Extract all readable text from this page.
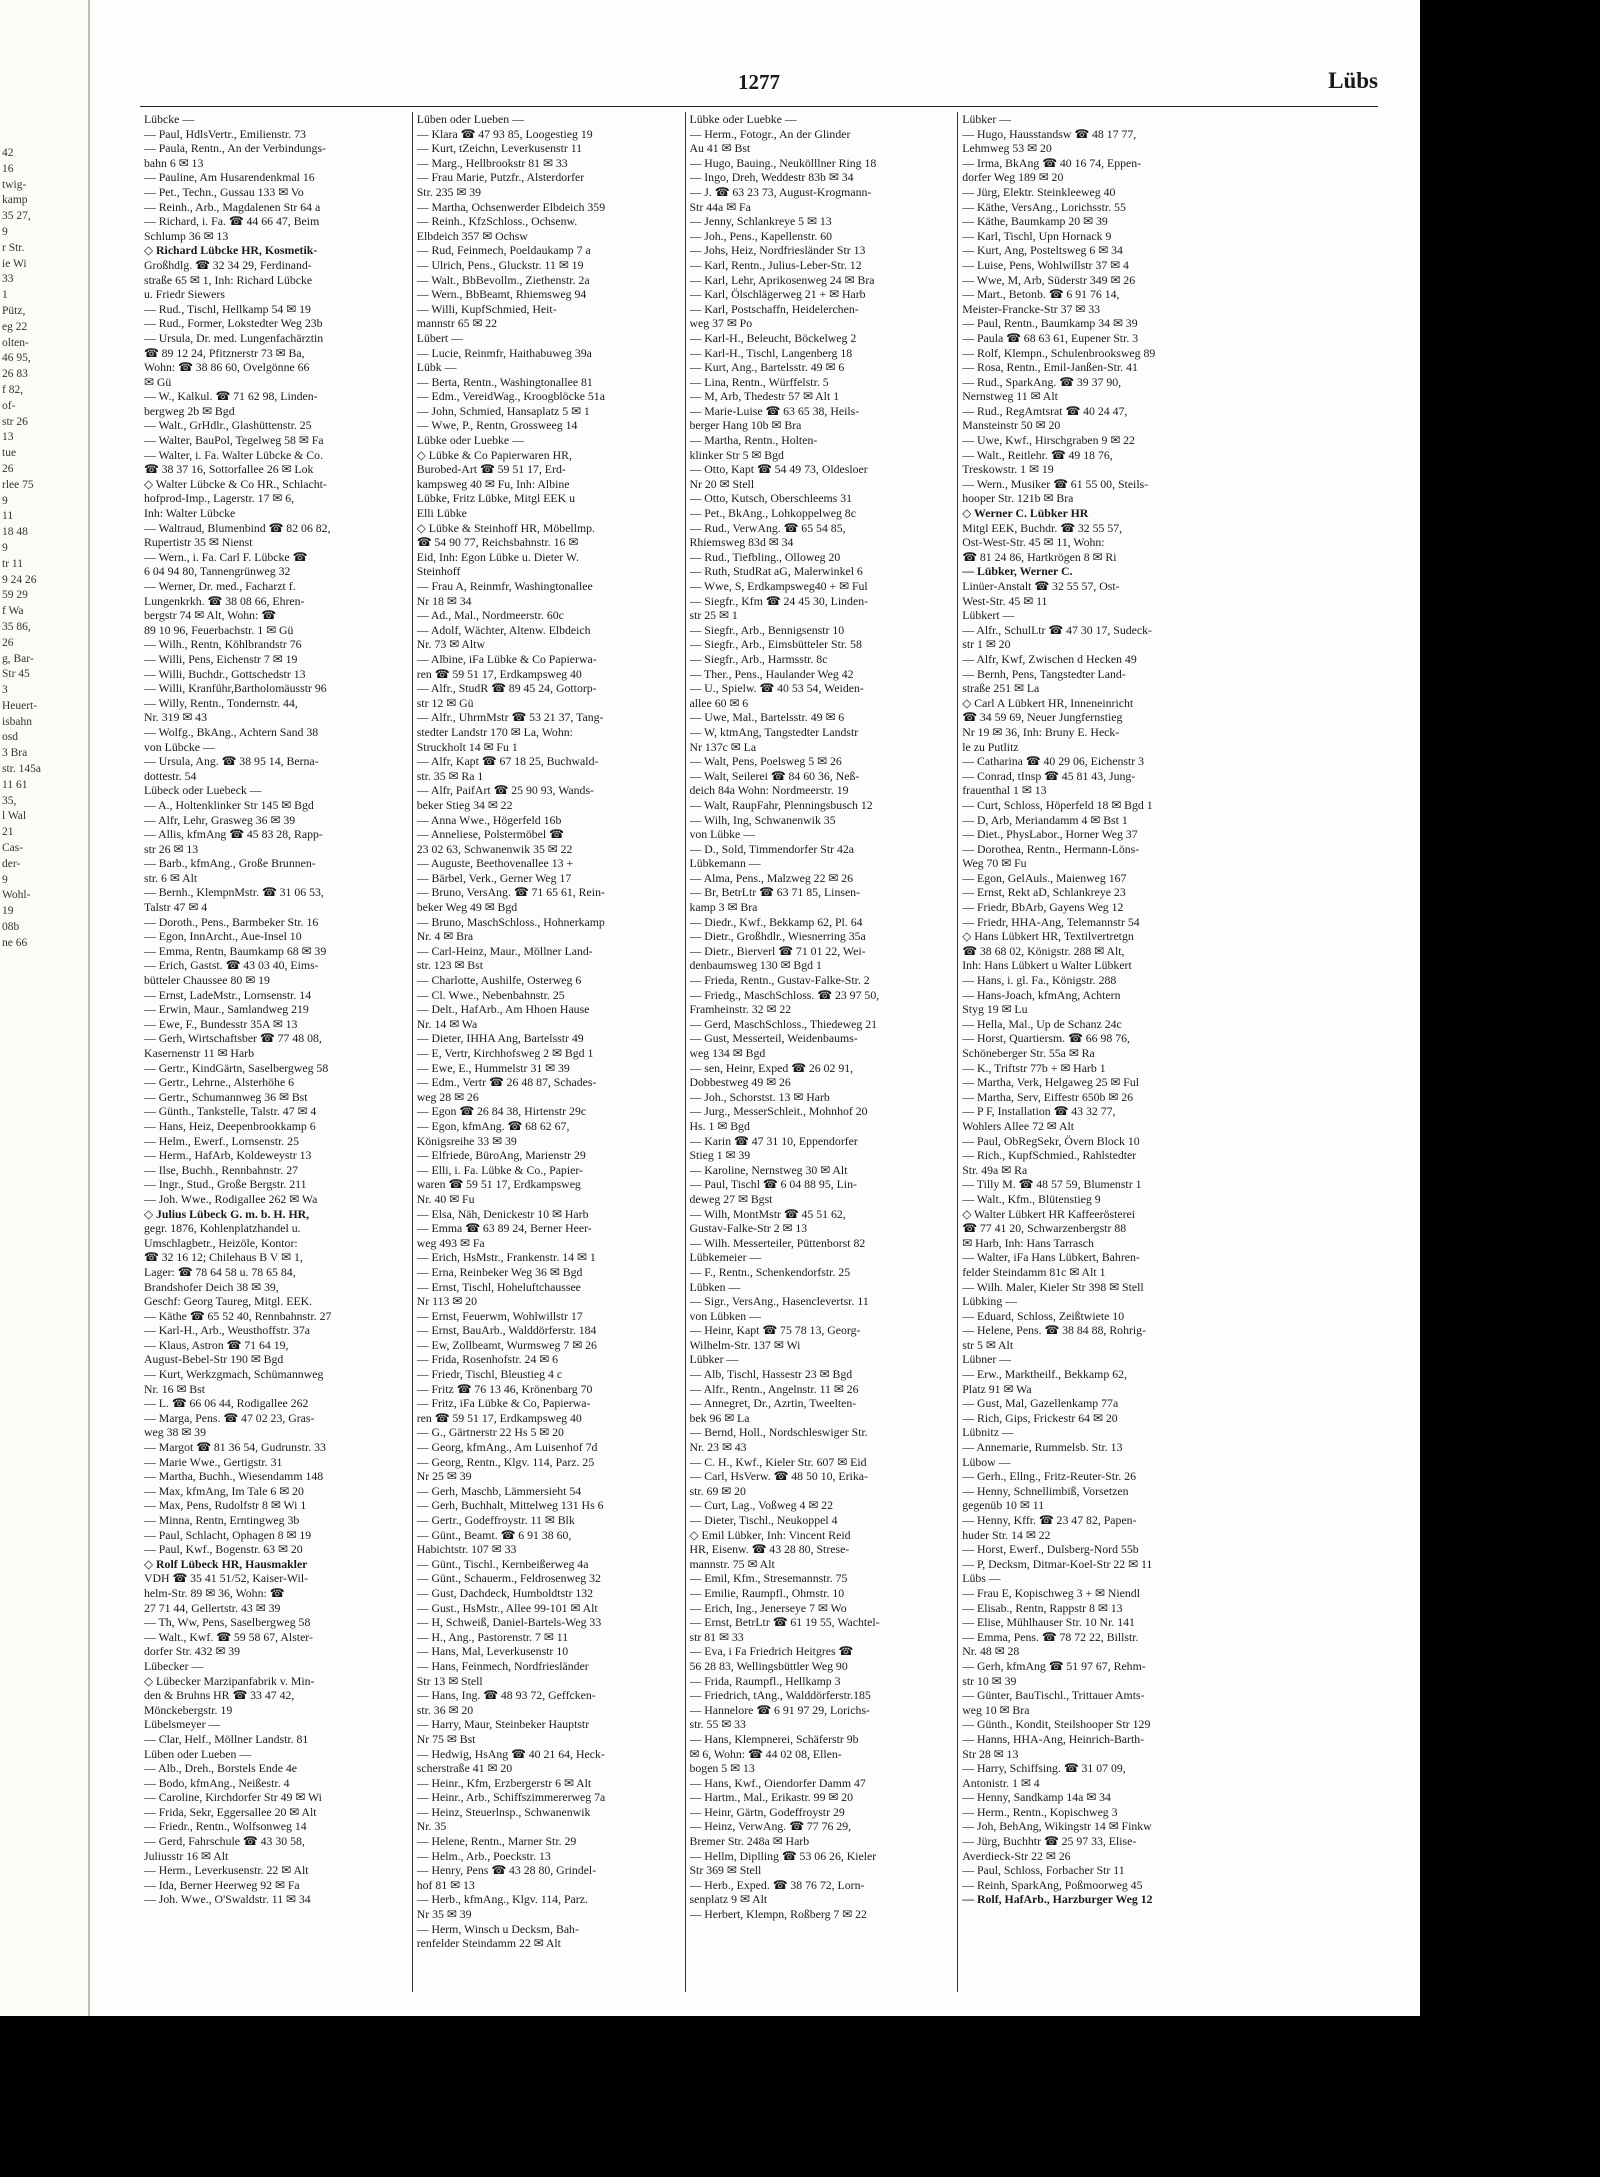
42
16
twig-
kamp
35 27,
9
r Str.
ie Wi
33
1
Pütz,
eg 22
olten-
46 95,
26 83
f 82,
of-
str 26
13
tue
26
rlee 75
9
11
18 48
9
tr 11
9 24 26
59 29
f Wa
35 86,
26
g, Bar-
Str 45
3
Heuert-
isbahn
osd
3 Bra
str. 145a
11 61
35,
l Wal
21
Cas-
der-
9
Wohl-
19
08b
ne 66
1277	Lübs
Lübcke —
— Paul, HdlsVertr., Emilienstr. 73
— Paula, Rentn., An der Verbindungs-
bahn 6 ✉ 13
— Pauline, Am Husarendenkmal 16
— Pet., Techn., Gussau 133 ✉ Vo
— Reinh., Arb., Magdalenen Str 64 a
— Richard, i. Fa. ☎ 44 66 47, Beim
Schlump 36 ✉ 13
◇ Richard Lübcke HR, Kosmetik-
Großhdlg. ☎ 32 34 29, Ferdinand-
straße 65 ✉ 1, Inh: Richard Lübcke
u. Friedr Siewers
— Rud., Tischl, Hellkamp 54 ✉ 19
— Rud., Former, Lokstedter Weg 23b
— Ursula, Dr. med. Lungenfachärztin
☎ 89 12 24, Pfitznerstr 73 ✉ Ba,
Wohn: ☎ 38 86 60, Ovelgönne 66
✉ Gü
— W., Kalkul. ☎ 71 62 98, Linden-
bergweg 2b ✉ Bgd
— Walt., GrHdlr., Glashüttenstr. 25
— Walter, BauPol, Tegelweg 58 ✉ Fa
— Walter, i. Fa. Walter Lübcke & Co.
☎ 38 37 16, Sottorfallee 26 ✉ Lok
◇ Walter Lübcke & Co HR., Schlacht-
hofprod-Imp., Lagerstr. 17 ✉ 6,
Inh: Walter Lübcke
— Waltraud, Blumenbind ☎ 82 06 82,
Rupertistr 35 ✉ Nienst
— Wern., i. Fa. Carl F. Lübcke ☎
6 04 94 80, Tannengrünweg 32
— Werner, Dr. med., Facharzt f.
Lungenkrkh. ☎ 38 08 66, Ehren-
bergstr 74 ✉ Alt, Wohn: ☎
89 10 96, Feuerbachstr. 1 ✉ Gü
— Wilh., Rentn, Köhlbrandstr 76
— Willi, Pens, Eichenstr 7 ✉ 19
— Willi, Buchdr., Gottschedstr 13
— Willi, Kranführ,Bartholomäusstr 96
— Willy, Rentn., Tondernstr. 44,
Nr. 319 ✉ 43
— Wolfg., BkAng., Achtern Sand 38
von Lübcke —
— Ursula, Ang. ☎ 38 95 14, Berna-
dottestr. 54
Lübeck oder Luebeck —
— A., Holtenklinker Str 145 ✉ Bgd
— Alfr, Lehr, Grasweg 36 ✉ 39
— Allis, kfmAng ☎ 45 83 28, Rapp-
str 26 ✉ 13
— Barb., kfmAng., Große Brunnen-
str. 6 ✉ Alt
— Bernh., KlempnMstr. ☎ 31 06 53,
Talstr 47 ✉ 4
— Doroth., Pens., Barmbeker Str. 16
— Egon, InnArcht., Aue-Insel 10
— Emma, Rentn, Baumkamp 68 ✉ 39
— Erich, Gastst. ☎ 43 03 40, Eims-
bütteler Chaussee 80 ✉ 19
— Ernst, LadeMstr., Lornsenstr. 14
— Erwin, Maur., Samlandweg 219
— Ewe, F., Bundesstr 35A ✉ 13
— Gerh, Wirtschaftsber ☎ 77 48 08,
Kasernenstr 11 ✉ Harb
— Gertr., KindGärtn, Saselbergweg 58
— Gertr., Lehrne., Alsterhöhe 6
— Gertr., Schumannweg 36 ✉ Bst
— Günth., Tankstelle, Talstr. 47 ✉ 4
— Hans, Heiz, Deepenbrookkamp 6
— Helm., Ewerf., Lornsenstr. 25
— Herm., HafArb, Koldeweystr 13
— Ilse, Buchh., Rennbahnstr. 27
— Ingr., Stud., Große Bergstr. 211
— Joh. Wwe., Rodigallee 262 ✉ Wa
◇ Julius Lübeck G. m. b. H. HR,
gegr. 1876, Kohlenplatzhandel u.
Umschlagbetr., Heizöle, Kontor:
☎ 32 16 12; Chilehaus B V ✉ 1,
Lager: ☎ 78 64 58 u. 78 65 84,
Brandshofer Deich 38 ✉ 39,
Geschf: Georg Taureg, Mitgl. EEK.
— Käthe ☎ 65 52 40, Rennbahnstr. 27
— Karl-H., Arb., Weusthoffstr. 37a
— Klaus, Astron ☎ 71 64 19,
August-Bebel-Str 190 ✉ Bgd
— Kurt, Werkzgmach, Schümannweg
Nr. 16 ✉ Bst
— L. ☎ 66 06 44, Rodigallee 262
— Marga, Pens. ☎ 47 02 23, Gras-
weg 38 ✉ 39
— Margot ☎ 81 36 54, Gudrunstr. 33
— Marie Wwe., Gertigstr. 31
— Martha, Buchh., Wiesendamm 148
— Max, kfmAng, Im Tale 6 ✉ 20
— Max, Pens, Rudolfstr 8 ✉ Wi 1
— Minna, Rentn, Erntingweg 3b
— Paul, Schlacht, Ophagen 8 ✉ 19
— Paul, Kwf., Bogenstr. 63 ✉ 20
◇ Rolf Lübeck HR, Hausmakler
VDH ☎ 35 41 51/52, Kaiser-Wil-
helm-Str. 89 ✉ 36, Wohn: ☎
27 71 44, Gellertstr. 43 ✉ 39
— Th, Ww, Pens, Saselbergweg 58
— Walt., Kwf. ☎ 59 58 67, Alster-
dorfer Str. 432 ✉ 39
Lübecker —
◇ Lübecker Marzipanfabrik v. Min-
den & Bruhns HR ☎ 33 47 42,
Mönckebergstr. 19
Lübelsmeyer —
— Clar, Helf., Möllner Landstr. 81
Lüben oder Lueben —
— Alb., Dreh., Borstels Ende 4e
— Bodo, kfmAng., Neißestr. 4
— Caroline, Kirchdorfer Str 49 ✉ Wi
— Frida, Sekr, Eggersallee 20 ✉ Alt
— Friedr., Rentn., Wolfsonweg 14
— Gerd, Fahrschule ☎ 43 30 58,
Juliusstr 16 ✉ Alt
— Herm., Leverkusenstr. 22 ✉ Alt
— Ida, Berner Heerweg 92 ✉ Fa
— Joh. Wwe., O'Swaldstr. 11 ✉ 34
Lüben oder Lueben —
— Klara ☎ 47 93 85, Loogestieg 19
— Kurt, tZeichn, Leverkusenstr 11
— Marg., Hellbrookstr 81 ✉ 33
— Frau Marie, Putzfr., Alsterdorfer
Str. 235 ✉ 39
— Martha, Ochsenwerder Elbdeich 359
— Reinh., KfzSchloss., Ochsenw.
Elbdeich 357 ✉ Ochsw
— Rud, Feinmech, Poeldaukamp 7 a
— Ulrich, Pens., Gluckstr. 11 ✉ 19
— Walt., BbBevollm., Ziethenstr. 2a
— Wern., BbBeamt, Rhiemsweg 94
— Willi, KupfSchmied, Heit-
mannstr 65 ✉ 22
Lübert —
— Lucie, Reinmfr, Haithabuweg 39a
Lübk —
— Berta, Rentn., Washingtonallee 81
— Edm., VereidWag., Kroogblöcke 51a
— John, Schmied, Hansaplatz 5 ✉ 1
— Wwe, P., Rentn, Grossweeg 14
Lübke oder Luebke —
◇ Lübke & Co Papierwaren HR,
Burobed-Art ☎ 59 51 17, Erd-
kampsweg 40 ✉ Fu, Inh: Albine
Lübke, Fritz Lübke, Mitgl EEK u
Elli Lübke
◇ Lübke & Steinhoff HR, Möbellmp.
☎ 54 90 77, Reichsbahnstr. 16 ✉
Eid, Inh: Egon Lübke u. Dieter W.
Steinhoff
— Frau A, Reinmfr, Washingtonallee
Nr 18 ✉ 34
— Ad., Mal., Nordmeerstr. 60c
— Adolf, Wächter, Altenw. Elbdeich
Nr. 73 ✉ Altw
— Albine, iFa Lübke & Co Papierwa-
ren ☎ 59 51 17, Erdkampsweg 40
— Alfr., StudR ☎ 89 45 24, Gottorp-
str 12 ✉ Gü
— Alfr., UhrmMstr ☎ 53 21 37, Tang-
stedter Landstr 170 ✉ La, Wohn:
Struckholt 14 ✉ Fu 1
— Alfr, Kapt ☎ 67 18 25, Buchwald-
str. 35 ✉ Ra 1
— Alfr, PaifArt ☎ 25 90 93, Wands-
beker Stieg 34 ✉ 22
— Anna Wwe., Högerfeld 16b
— Anneliese, Polstermöbel ☎
23 02 63, Schwanenwik 35 ✉ 22
— Auguste, Beethovenallee 13 +
— Bärbel, Verk., Gerner Weg 17
— Bruno, VersAng. ☎ 71 65 61, Rein-
beker Weg 49 ✉ Bgd
— Bruno, MaschSchloss., Hohnerkamp
Nr. 4 ✉ Bra
— Carl-Heinz, Maur., Möllner Land-
str. 123 ✉ Bst
— Charlotte, Aushilfe, Osterweg 6
— Cl. Wwe., Nebenbahnstr. 25
— Delt., HafArb., Am Hhoen Hause
Nr. 14 ✉ Wa
— Dieter, IHHA Ang, Bartelsstr 49
— E, Vertr, Kirchhofsweg 2 ✉ Bgd 1
— Ewe, E., Hummelstr 31 ✉ 39
— Edm., Vertr ☎ 26 48 87, Schades-
weg 28 ✉ 26
— Egon ☎ 26 84 38, Hirtenstr 29c
— Egon, kfmAng. ☎ 68 62 67,
Königsreihe 33 ✉ 39
— Elfriede, BüroAng, Marienstr 29
— Elli, i. Fa. Lübke & Co., Papier-
waren ☎ 59 51 17, Erdkampsweg
Nr. 40 ✉ Fu
— Elsa, Näh, Denickestr 10 ✉ Harb
— Emma ☎ 63 89 24, Berner Heer-
weg 493 ✉ Fa
— Erich, HsMstr., Frankenstr. 14 ✉ 1
— Erna, Reinbeker Weg 36 ✉ Bgd
— Ernst, Tischl, Hoheluftchaussee
Nr 113 ✉ 20
— Ernst, Feuerwm, Wohlwillstr 17
— Ernst, BauArb., Walddörferstr. 184
— Ew, Zollbeamt, Wurmsweg 7 ✉ 26
— Frida, Rosenhofstr. 24 ✉ 6
— Friedr, Tischl, Bleustieg 4 c
— Fritz ☎ 76 13 46, Krönenbarg 70
— Fritz, iFa Lübke & Co, Papierwa-
ren ☎ 59 51 17, Erdkampsweg 40
— G., Gärtnerstr 22 Hs 5 ✉ 20
— Georg, kfmAng., Am Luisenhof 7d
— Georg, Rentn., Klgv. 114, Parz. 25
Nr 25 ✉ 39
— Gerh, Maschb, Lämmersieht 54
— Gerh, Buchhalt, Mittelweg 131 Hs 6
— Gertr., Godeffroystr. 11 ✉ Blk
— Günt., Beamt. ☎ 6 91 38 60,
Habichtstr. 107 ✉ 33
— Günt., Tischl., Kernbeißerweg 4a
— Günt., Schauerm., Feldrosenweg 32
— Gust, Dachdeck, Humboldtstr 132
— Gust., HsMstr., Allee 99-101 ✉ Alt
— H, Schweiß, Daniel-Bartels-Weg 33
— H., Ang., Pastorenstr. 7 ✉ 11
— Hans, Mal, Leverkusenstr 10
— Hans, Feinmech, Nordfriesländer
Str 13 ✉ Stell
— Hans, Ing. ☎ 48 93 72, Geffcken-
str. 36 ✉ 20
— Harry, Maur, Steinbeker Hauptstr
Nr 75 ✉ Bst
— Hedwig, HsAng ☎ 40 21 64, Heck-
scherstraße 41 ✉ 20
— Heinr., Kfm, Erzbergerstr 6 ✉ Alt
— Heinr., Arb., Schiffszimmererweg 7a
— Heinz, Steuerlnsp., Schwanenwik
Nr. 35
— Helene, Rentn., Marner Str. 29
— Helm., Arb., Poeckstr. 13
— Henry, Pens ☎ 43 28 80, Grindel-
hof 81 ✉ 13
— Herb., kfmAng., Klgv. 114, Parz.
Nr 35 ✉ 39
— Herm, Winsch u Decksm, Bah-
renfelder Steindamm 22 ✉ Alt
Lübke oder Luebke —
— Herm., Fotogr., An der Glinder
Au 41 ✉ Bst
— Hugo, Bauing., Neukölllner Ring 18
— Ingo, Dreh, Weddestr 83b ✉ 34
— J. ☎ 63 23 73, August-Krogmann-
Str 44a ✉ Fa
— Jenny, Schlankreye 5 ✉ 13
— Joh., Pens., Kapellenstr. 60
— Johs, Heiz, Nordfriesländer Str 13
— Karl, Rentn., Julius-Leber-Str. 12
— Karl, Lehr, Aprikosenweg 24 ✉ Bra
— Karl, Ölschlägerweg 21 + ✉ Harb
— Karl, Postschaffn, Heidelerchen-
weg 37 ✉ Po
— Karl-H., Beleucht, Böckelweg 2
— Karl-H., Tischl, Langenberg 18
— Kurt, Ang., Bartelsstr. 49 ✉ 6
— Lina, Rentn., Würffelstr. 5
— M, Arb, Thedestr 57 ✉ Alt 1
— Marie-Luise ☎ 63 65 38, Heils-
berger Hang 10b ✉ Bra
— Martha, Rentn., Holten-
klinker Str 5 ✉ Bgd
— Otto, Kapt ☎ 54 49 73, Oldesloer
Nr 20 ✉ Stell
— Otto, Kutsch, Oberschleems 31
— Pet., BkAng., Lohkoppelweg 8c
— Rud., VerwAng. ☎ 65 54 85,
Rhiemsweg 83d ✉ 34
— Rud., Tiefbling., Olloweg 20
— Ruth, StudRat aG, Malerwinkel 6
— Wwe, S, Erdkampsweg40 + ✉ Ful
— Siegfr., Kfm ☎ 24 45 30, Linden-
str 25 ✉ 1
— Siegfr., Arb., Bennigsenstr 10
— Siegfr., Arb., Eimsbütteler Str. 58
— Siegfr., Arb., Harmsstr. 8c
— Ther., Pens., Haulander Weg 42
— U., Spielw. ☎ 40 53 54, Weiden-
allee 60 ✉ 6
— Uwe, Mal., Bartelsstr. 49 ✉ 6
— W, ktmAng, Tangstedter Landstr
Nr 137c ✉ La
— Walt, Pens, Poelsweg 5 ✉ 26
— Walt, Seilerei ☎ 84 60 36, Neß-
deich 84a Wohn: Nordmeerstr. 19
— Walt, RaupFahr, Plenningsbusch 12
— Wilh, Ing, Schwanenwik 35
von Lübke —
— D., Sold, Timmendorfer Str 42a
Lübkemann —
— Alma, Pens., Malzweg 22 ✉ 26
— Br, BetrLtr ☎ 63 71 85, Linsen-
kamp 3 ✉ Bra
— Diedr., Kwf., Bekkamp 62, Pl. 64
— Dietr., Großhdlr., Wiesnerring 35a
— Dietr., Bierverl ☎ 71 01 22, Wei-
denbaumsweg 130 ✉ Bgd 1
— Frieda, Rentn., Gustav-Falke-Str. 2
— Friedg., MaschSchloss. ☎ 23 97 50,
Framheinstr. 32 ✉ 22
— Gerd, MaschSchloss., Thiedeweg 21
— Gust, Messerteil, Weidenbaums-
weg 134 ✉ Bgd
— sen, Heinr, Exped ☎ 26 02 91,
Dobbestweg 49 ✉ 26
— Joh., Schorstst. 13 ✉ Harb
— Jurg., MesserSchleit., Mohnhof 20
Hs. 1 ✉ Bgd
— Karin ☎ 47 31 10, Eppendorfer
Stieg 1 ✉ 39
— Karoline, Nernstweg 30 ✉ Alt
— Paul, Tischl ☎ 6 04 88 95, Lin-
deweg 27 ✉ Bgst
— Wilh, MontMstr ☎ 45 51 62,
Gustav-Falke-Str 2 ✉ 13
— Wilh. Messerteiler, Püttenborst 82
Lübkemeier —
— F., Rentn., Schenkendorfstr. 25
Lübken —
— Sigr., VersAng., Hasenclevertsr. 11
von Lübken —
— Heinr, Kapt ☎ 75 78 13, Georg-
Wilhelm-Str. 137 ✉ Wi
Lübker —
— Alb, Tischl, Hassestr 23 ✉ Bgd
— Alfr., Rentn., Angelnstr. 11 ✉ 26
— Annegret, Dr., Azrtin, Tweelten-
bek 96 ✉ La
— Bernd, Holl., Nordschleswiger Str.
Nr. 23 ✉ 43
— C. H., Kwf., Kieler Str. 607 ✉ Eid
— Carl, HsVerw. ☎ 48 50 10, Erika-
str. 69 ✉ 20
— Curt, Lag., Voßweg 4 ✉ 22
— Dieter, Tischl., Neukoppel 4
◇ Emil Lübker, Inh: Vincent Reid
HR, Eisenw. ☎ 43 28 80, Strese-
mannstr. 75 ✉ Alt
— Emil, Kfm., Stresemannstr. 75
— Emilie, Raumpfl., Ohmstr. 10
— Erich, Ing., Jenerseye 7 ✉ Wo
— Ernst, BetrLtr ☎ 61 19 55, Wachtel-
str 81 ✉ 33
— Eva, i Fa Friedrich Heitgres ☎
56 28 83, Wellingsbüttler Weg 90
— Frida, Raumpfl., Hellkamp 3
— Friedrich, tAng., Walddörferstr.185
— Hannelore ☎ 6 91 97 29, Lorichs-
str. 55 ✉ 33
— Hans, Klempnerei, Schäferstr 9b
✉ 6, Wohn: ☎ 44 02 08, Ellen-
bogen 5 ✉ 13
— Hans, Kwf., Oiendorfer Damm 47
— Hartm., Mal., Erikastr. 99 ✉ 20
— Heinr, Gärtn, Godeffroystr 29
— Heinz, VerwAng. ☎ 77 76 29,
Bremer Str. 248a ✉ Harb
— Hellm, Diplling ☎ 53 06 26, Kieler
Str 369 ✉ Stell
— Herb., Exped. ☎ 38 76 72, Lorn-
senplatz 9 ✉ Alt
— Herbert, Klempn, Roßberg 7 ✉ 22
Lübker —
— Hugo, Hausstandsw ☎ 48 17 77,
Lehmweg 53 ✉ 20
— Irma, BkAng ☎ 40 16 74, Eppen-
dorfer Weg 189 ✉ 20
— Jürg, Elektr. Steinkleeweg 40
— Käthe, VersAng., Lorichsstr. 55
— Käthe, Baumkamp 20 ✉ 39
— Karl, Tischl, Upn Hornack 9
— Kurt, Ang, Posteltsweg 6 ✉ 34
— Luise, Pens, Wohlwillstr 37 ✉ 4
— Wwe, M, Arb, Süderstr 349 ✉ 26
— Mart., Betonb. ☎ 6 91 76 14,
Meister-Francke-Str 37 ✉ 33
— Paul, Rentn., Baumkamp 34 ✉ 39
— Paula ☎ 68 63 61, Eupener Str. 3
— Rolf, Klempn., Schulenbrooksweg 89
— Rosa, Rentn., Emil-Janßen-Str. 41
— Rud., SparkAng. ☎ 39 37 90,
Nernstweg 11 ✉ Alt
— Rud., RegAmtsrat ☎ 40 24 47,
Mansteinstr 50 ✉ 20
— Uwe, Kwf., Hirschgraben 9 ✉ 22
— Walt., Reitlehr. ☎ 49 18 76,
Treskowstr. 1 ✉ 19
— Wern., Musiker ☎ 61 55 00, Steils-
hooper Str. 121b ✉ Bra
◇ Werner C. Lübker HR
Mitgl EEK, Buchdr. ☎ 32 55 57,
Ost-West-Str. 45 ✉ 11, Wohn:
☎ 81 24 86, Hartkrögen 8 ✉ Ri
— Lübker, Werner C.
Linüer-Anstalt ☎ 32 55 57, Ost-
West-Str. 45 ✉ 11
Lübkert —
— Alfr., SchulLtr ☎ 47 30 17, Sudeck-
str 1 ✉ 20
— Alfr, Kwf, Zwischen d Hecken 49
— Bernh, Pens, Tangstedter Land-
straße 251 ✉ La
◇ Carl A Lübkert HR, Inneneinricht
☎ 34 59 69, Neuer Jungfernstieg
Nr 19 ✉ 36, Inh: Bruny E. Heck-
le zu Putlitz
— Catharina ☎ 40 29 06, Eichenstr 3
— Conrad, tInsp ☎ 45 81 43, Jung-
frauenthal 1 ✉ 13
— Curt, Schloss, Höperfeld 18 ✉ Bgd 1
— D, Arb, Meriandamm 4 ✉ Bst 1
— Diet., PhysLabor., Horner Weg 37
— Dorothea, Rentn., Hermann-Löns-
Weg 70 ✉ Fu
— Egon, GelAuls., Maienweg 167
— Ernst, Rekt aD, Schlankreye 23
— Friedr, BbArb, Gayens Weg 12
— Friedr, HHA-Ang, Telemannstr 54
◇ Hans Lübkert HR, Textilvertretgn
☎ 38 68 02, Königstr. 288 ✉ Alt,
Inh: Hans Lübkert u Walter Lübkert
— Hans, i. gl. Fa., Königstr. 288
— Hans-Joach, kfmAng, Achtern
Styg 19 ✉ Lu
— Hella, Mal., Up de Schanz 24c
— Horst, Quartiersm. ☎ 66 98 76,
Schöneberger Str. 55a ✉ Ra
— K., Triftstr 77b + ✉ Harb 1
— Martha, Verk, Helgaweg 25 ✉ Ful
— Martha, Serv, Eiffestr 650b ✉ 26
— P F, Installation ☎ 43 32 77,
Wohlers Allee 72 ✉ Alt
— Paul, ObRegSekr, Övern Block 10
— Rich., KupfSchmied., Rahlstedter
Str. 49a ✉ Ra
— Tilly M. ☎ 48 57 59, Blumenstr 1
— Walt., Kfm., Blütenstieg 9
◇ Walter Lübkert HR Kaffeerösterei
☎ 77 41 20, Schwarzenbergstr 88
✉ Harb, Inh: Hans Tarrasch
— Walter, iFa Hans Lübkert, Bahren-
felder Steindamm 81c ✉ Alt 1
— Wilh. Maler, Kieler Str 398 ✉ Stell
Lübking —
— Eduard, Schloss, Zeißtwiete 10
— Helene, Pens. ☎ 38 84 88, Rohrig-
str 5 ✉ Alt
Lübner —
— Erw., Marktheilf., Bekkamp 62,
Platz 91 ✉ Wa
— Gust, Mal, Gazellenkamp 77a
— Rich, Gips, Frickestr 64 ✉ 20
Lübnitz —
— Annemarie, Rummelsb. Str. 13
Lübow —
— Gerh., Ellng., Fritz-Reuter-Str. 26
— Henny, Schnellimbiß, Vorsetzen
gegenüb 10 ✉ 11
— Henny, Kffr. ☎ 23 47 82, Papen-
huder Str. 14 ✉ 22
— Horst, Ewerf., Dulsberg-Nord 55b
— P, Decksm, Ditmar-Koel-Str 22 ✉ 11
Lübs —
— Frau E, Kopischweg 3 + ✉ Niendl
— Elisab., Rentn, Rappstr 8 ✉ 13
— Elise, Mühlhauser Str. 10 Nr. 141
— Emma, Pens. ☎ 78 72 22, Billstr.
Nr. 48 ✉ 28
— Gerh, kfmAng ☎ 51 97 67, Rehm-
str 10 ✉ 39
— Günter, BauTischl., Trittauer Amts-
weg 10 ✉ Bra
— Günth., Kondit, Steilshooper Str 129
— Hanns, HHA-Ang, Heinrich-Barth-
Str 28 ✉ 13
— Harry, Schiffsing. ☎ 31 07 09,
Antonistr. 1 ✉ 4
— Henny, Sandkamp 14a ✉ 34
— Herm., Rentn., Kopischweg 3
— Joh, BehAng, Wikingstr 14 ✉ Finkw
— Jürg, Buchhtr ☎ 25 97 33, Elise-
Averdieck-Str 22 ✉ 26
— Paul, Schloss, Forbacher Str 11
— Reinh, SparkAng, Poßmoorweg 45
— Rolf, HafArb., Harzburger Weg 12
